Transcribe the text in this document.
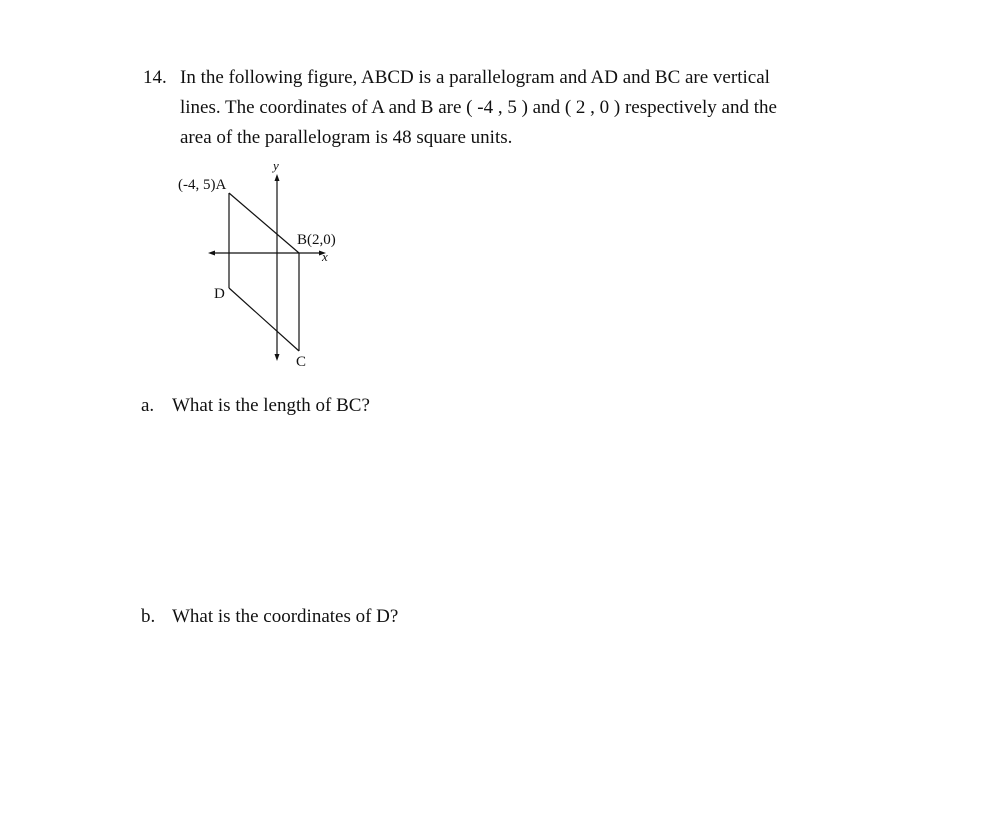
14. In the following figure, ABCD is a parallelogram and AD and BC are vertical
lines. The coordinates of A and B are ( -4 , 5 ) and ( 2 , 0 ) respectively and the
area of the parallelogram is 48 square units.
y
(-4, 5)A
B(2,0)
x
D
C
a. What is the length of BC?
b. What is the coordinates of D?
